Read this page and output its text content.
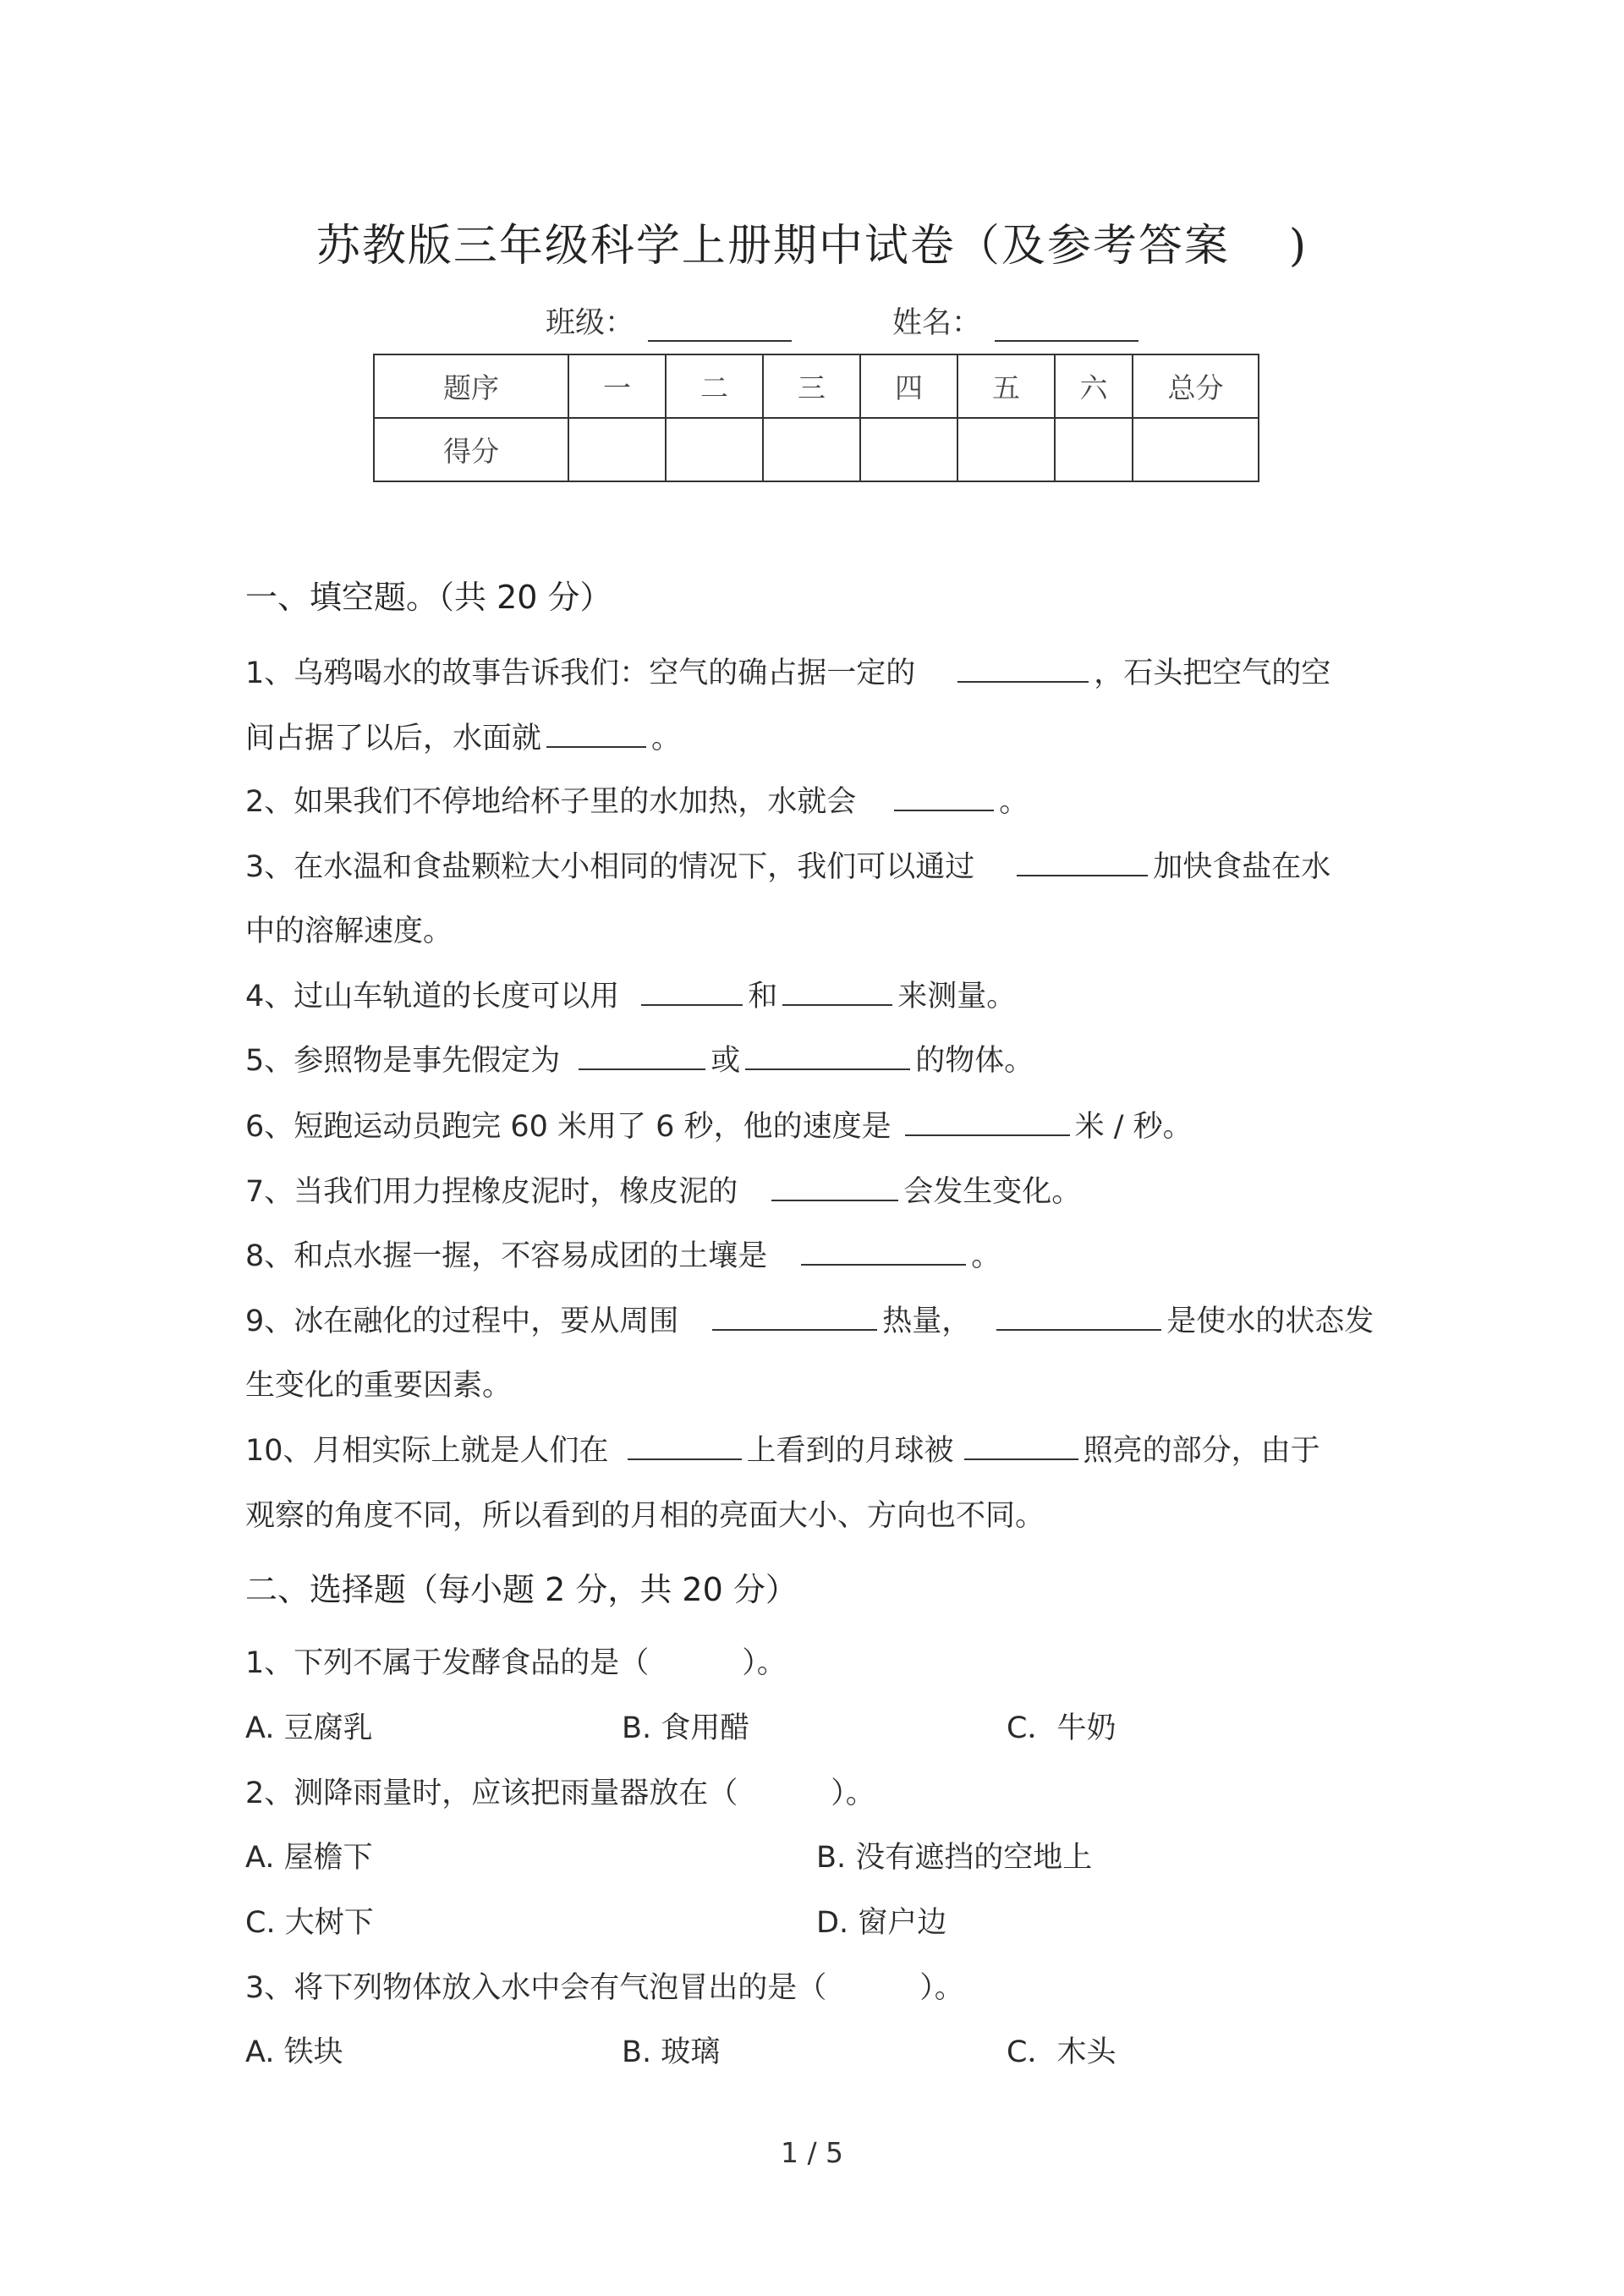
苏教版三年级科学上册期中试卷（及参考答案 )
班级：	姓名：
题序	一	二	三	四	五	六	总分
得分							
一、填空题。（共 20 分）
1、乌鸦喝水的故事告诉我们：空气的确占据一定的	，石头把空气的空
间占据了以后，水面就	。
2、如果我们不停地给杯子里的水加热，水就会	。
3、在水温和食盐颗粒大小相同的情况下，我们可以通过	加快食盐在水
中的溶解速度。
4、过山车轨道的长度可以用	和	来测量。
5、参照物是事先假定为	或	的物体。
6、短跑运动员跑完 60 米用了 6 秒，他的速度是	米 / 秒。
7、当我们用力捏橡皮泥时，橡皮泥的	会发生变化。
8、和点水握一握，不容易成团的土壤是	。
9、冰在融化的过程中，要从周围	热量，	是使水的状态发
生变化的重要因素。
10、月相实际上就是人们在	上看到的月球被	照亮的部分，由于
观察的角度不同，所以看到的月相的亮面大小、方向也不同。
二、选择题（每小题 2 分，共 20 分）
1、下列不属于发酵食品的是（	）。
A. 豆腐乳	B. 食用醋	C．牛奶
2、测降雨量时，应该把雨量器放在（	）。
A. 屋檐下	B. 没有遮挡的空地上
C. 大树下	D. 窗户边
3、将下列物体放入水中会有气泡冒出的是（	）。
A. 铁块	B. 玻璃	C．木头
1 / 5
